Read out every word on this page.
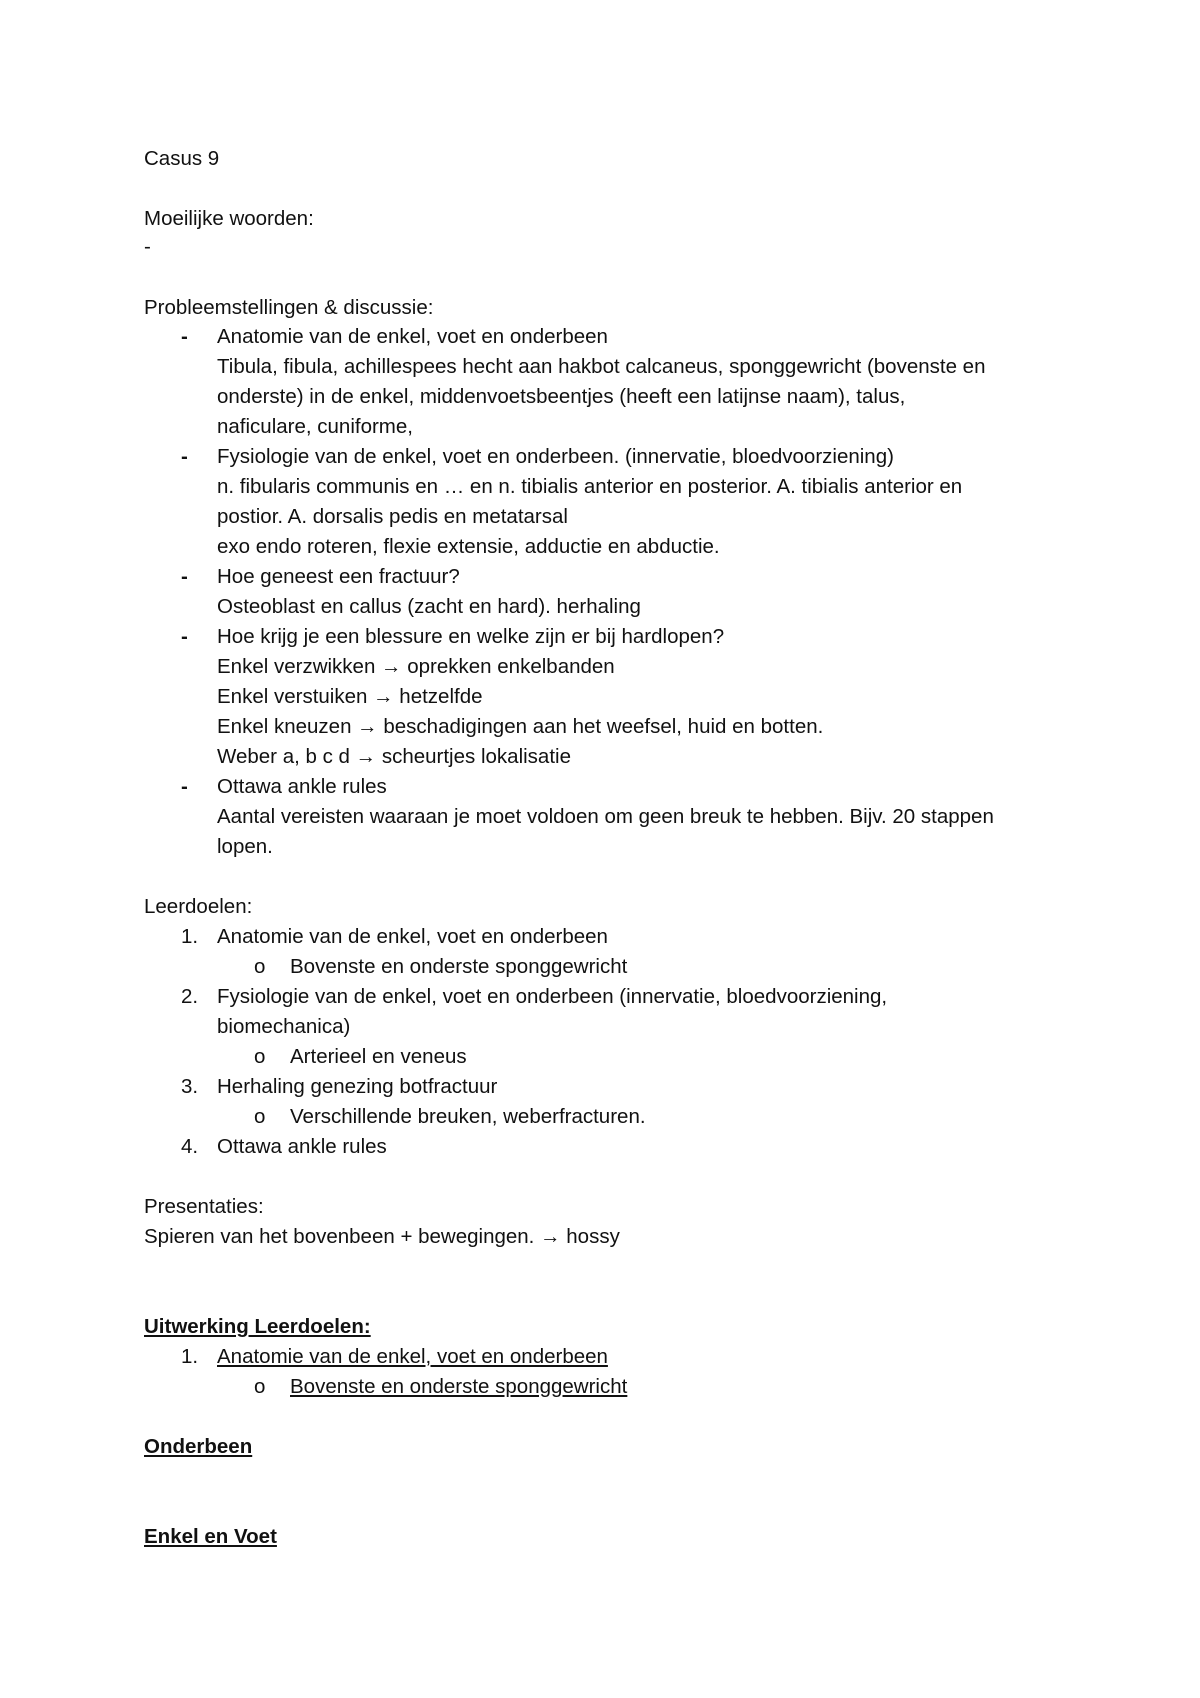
Casus 9
Moeilijke woorden:
-
Probleemstellingen & discussie:
- Anatomie van de enkel, voet en onderbeen
Tibula, fibula, achillespees hecht aan hakbot calcaneus, sponggewricht (bovenste en
onderste) in de enkel, middenvoetsbeentjes (heeft een latijnse naam), talus,
naficulare, cuniforme,
- Fysiologie van de enkel, voet en onderbeen. (innervatie, bloedvoorziening)
n. fibularis communis en … en n. tibialis anterior en posterior. A. tibialis anterior en
postior. A. dorsalis pedis en metatarsal
exo endo roteren, flexie extensie, adductie en abductie.
- Hoe geneest een fractuur?
Osteoblast en callus (zacht en hard). herhaling
- Hoe krijg je een blessure en welke zijn er bij hardlopen?
Enkel verzwikken → oprekken enkelbanden
Enkel verstuiken → hetzelfde
Enkel kneuzen → beschadigingen aan het weefsel, huid en botten.
Weber a, b c d → scheurtjes lokalisatie
- Ottawa ankle rules
Aantal vereisten waaraan je moet voldoen om geen breuk te hebben. Bijv. 20 stappen
lopen.
Leerdoelen:
1. Anatomie van de enkel, voet en onderbeen
o Bovenste en onderste sponggewricht
2. Fysiologie van de enkel, voet en onderbeen (innervatie, bloedvoorziening,
biomechanica)
o Arterieel en veneus
3. Herhaling genezing botfractuur
o Verschillende breuken, weberfracturen.
4. Ottawa ankle rules
Presentaties:
Spieren van het bovenbeen + bewegingen. → hossy
Uitwerking Leerdoelen:
1. Anatomie van de enkel, voet en onderbeen
o Bovenste en onderste sponggewricht
Onderbeen
Enkel en Voet
